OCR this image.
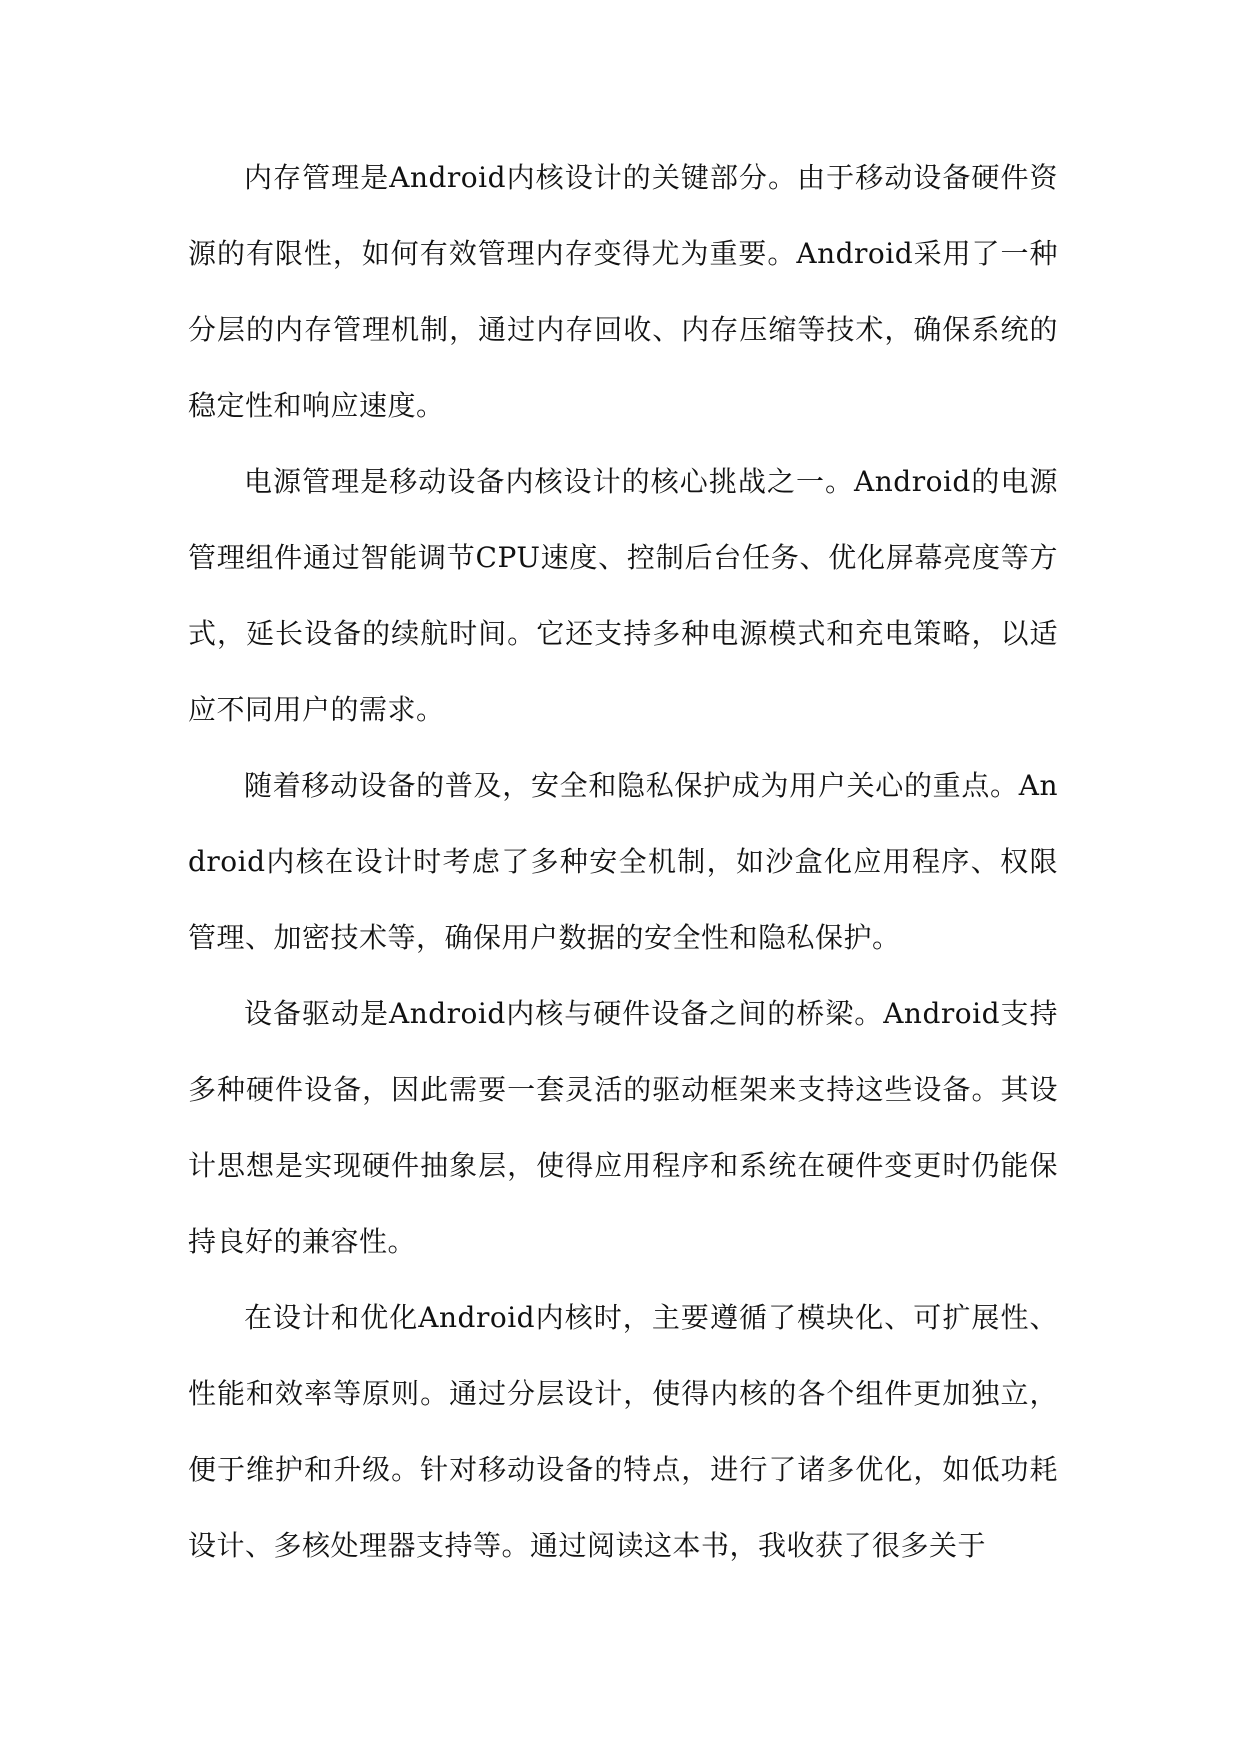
内存管理是Android内核设计的关键部分。由于移动设备硬件资源的有限性，如何有效管理内存变得尤为重要。Android采用了一种分层的内存管理机制，通过内存回收、内存压缩等技术，确保系统的稳定性和响应速度。

电源管理是移动设备内核设计的核心挑战之一。Android的电源管理组件通过智能调节CPU速度、控制后台任务、优化屏幕亮度等方式，延长设备的续航时间。它还支持多种电源模式和充电策略，以适应不同用户的需求。

随着移动设备的普及，安全和隐私保护成为用户关心的重点。Android内核在设计时考虑了多种安全机制，如沙盒化应用程序、权限管理、加密技术等，确保用户数据的安全性和隐私保护。

设备驱动是Android内核与硬件设备之间的桥梁。Android支持多种硬件设备，因此需要一套灵活的驱动框架来支持这些设备。其设计思想是实现硬件抽象层，使得应用程序和系统在硬件变更时仍能保持良好的兼容性。

在设计和优化Android内核时，主要遵循了模块化、可扩展性、性能和效率等原则。通过分层设计，使得内核的各个组件更加独立，便于维护和升级。针对移动设备的特点，进行了诸多优化，如低功耗设计、多核处理器支持等。通过阅读这本书，我收获了很多关于
